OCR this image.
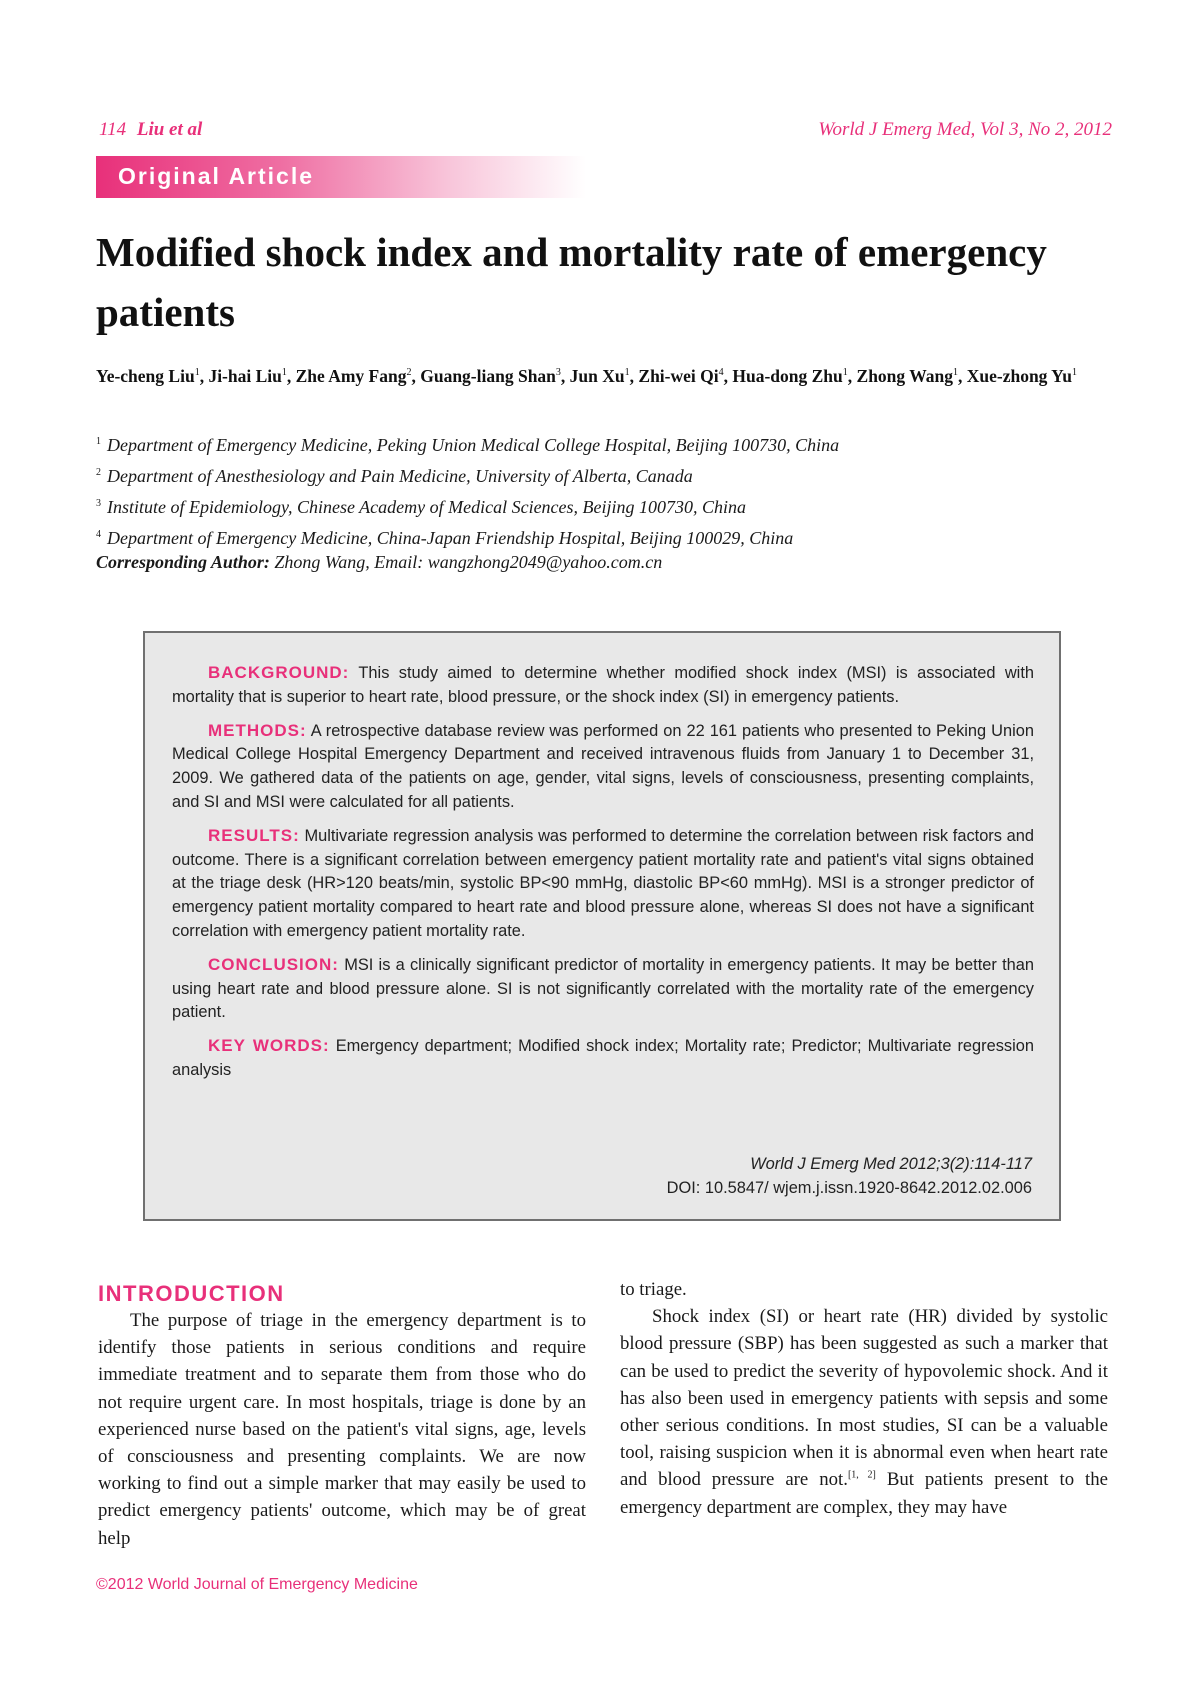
114 Liu et al	World J Emerg Med, Vol 3, No 2, 2012
Original Article
Modified shock index and mortality rate of emergency patients

Ye-cheng Liu$^1$, Ji-hai Liu$^1$, Zhe Amy Fang$^2$, Guang-liang Shan$^3$, Jun Xu$^1$, Zhi-wei Qi$^4$, Hua-dong Zhu$^1$, Zhong Wang$^1$, Xue-zhong Yu$^1$

$^1$ Department of Emergency Medicine, Peking Union Medical College Hospital, Beijing 100730, China
$^2$ Department of Anesthesiology and Pain Medicine, University of Alberta, Canada
$^3$ Institute of Epidemiology, Chinese Academy of Medical Sciences, Beijing 100730, China
$^4$ Department of Emergency Medicine, China-Japan Friendship Hospital, Beijing 100029, China
Corresponding Author: Zhong Wang, Email: wangzhong2049@yahoo.com.cn

BACKGROUND: This study aimed to determine whether modified shock index (MSI) is associated with mortality that is superior to heart rate, blood pressure, or the shock index (SI) in emergency patients.

METHODS: A retrospective database review was performed on 22 161 patients who presented to Peking Union Medical College Hospital Emergency Department and received intravenous fluids from January 1 to December 31, 2009. We gathered data of the patients on age, gender, vital signs, levels of consciousness, presenting complaints, and SI and MSI were calculated for all patients.

RESULTS: Multivariate regression analysis was performed to determine the correlation between risk factors and outcome. There is a significant correlation between emergency patient mortality rate and patient's vital signs obtained at the triage desk (HR>120 beats/min, systolic BP<90 mmHg, diastolic BP<60 mmHg). MSI is a stronger predictor of emergency patient mortality compared to heart rate and blood pressure alone, whereas SI does not have a significant correlation with emergency patient mortality rate.

CONCLUSION: MSI is a clinically significant predictor of mortality in emergency patients. It may be better than using heart rate and blood pressure alone. SI is not significantly correlated with the mortality rate of the emergency patient.

KEY WORDS: Emergency department; Modified shock index; Mortality rate; Predictor; Multivariate regression analysis

World J Emerg Med 2012;3(2):114-117
DOI: 10.5847/ wjem.j.issn.1920-8642.2012.02.006
INTRODUCTION

The purpose of triage in the emergency department is to identify those patients in serious conditions and require immediate treatment and to separate them from those who do not require urgent care. In most hospitals, triage is done by an experienced nurse based on the patient's vital signs, age, levels of consciousness and presenting complaints. We are now working to find out a simple marker that may easily be used to predict emergency patients' outcome, which may be of great help

to triage.

Shock index (SI) or heart rate (HR) divided by systolic blood pressure (SBP) has been suggested as such a marker that can be used to predict the severity of hypovolemic shock. And it has also been used in emergency patients with sepsis and some other serious conditions. In most studies, SI can be a valuable tool, raising suspicion when it is abnormal even when heart rate and blood pressure are not.[1, 2] But patients present to the emergency department are complex, they may have

©2012 World Journal of Emergency Medicine
